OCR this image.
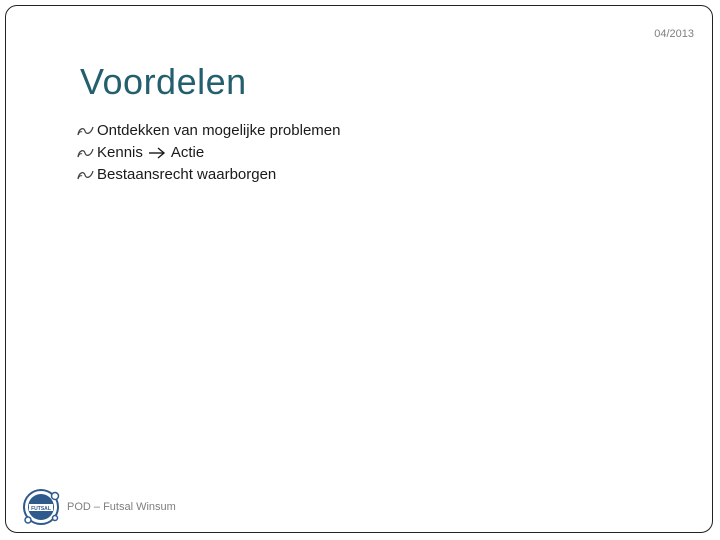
04/2013
Voordelen
Ontdekken van mogelijke problemen
Kennis Actie
Bestaansrecht waarborgen
FUTSAL POD – Futsal Winsum
